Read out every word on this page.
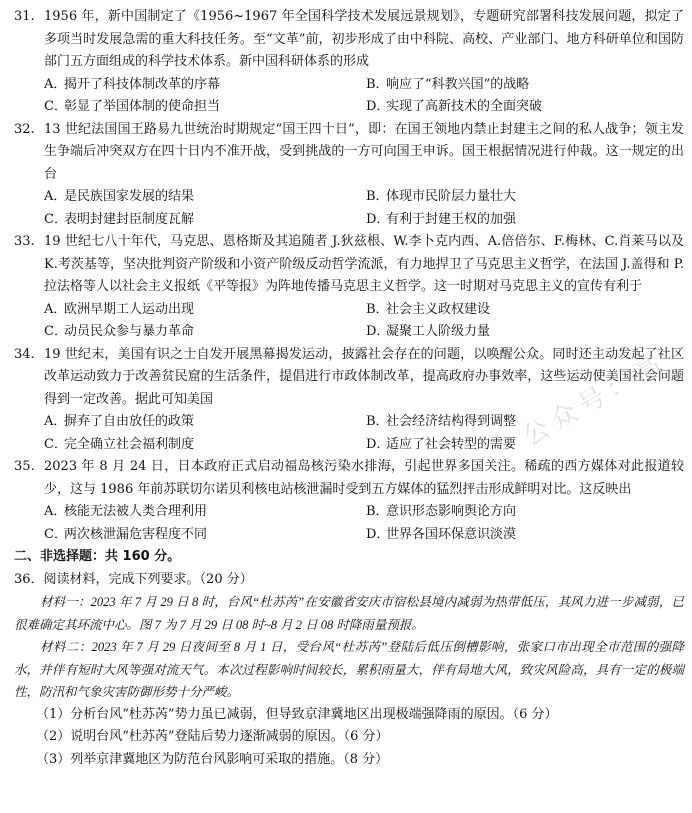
31. 1956 年，新中国制定了《1956~1967 年全国科学技术发展远景规划》，专题研究部署科技发展问题，拟定了多项当时发展急需的重大科技任务。至“文革”前，初步形成了由中科院、高校、产业部门、地方科研单位和国防部门五方面组成的科学技术体系。新中国科研体系的形成
A．揭开了科技体制改革的序幕	B．响应了“科教兴国”的战略
C．彰显了举国体制的使命担当	D．实现了高新技术的全面突破
32. 13 世纪法国国王路易九世统治时期规定“国王四十日”，即：在国王领地内禁止封建主之间的私人战争；领主发生争端后冲突双方在四十日内不准开战，受到挑战的一方可向国王申诉。国王根据情况进行仲裁。这一规定的出台
A．是民族国家发展的结果	B．体现市民阶层力量壮大
C．表明封建封臣制度瓦解	D．有利于封建王权的加强
33. 19 世纪七八十年代，马克思、恩格斯及其追随者 J.狄兹根、W.李卜克内西、A.倍倍尔、F.梅林、C.肖莱马以及 K.考茨基等，坚决批判资产阶级和小资产阶级反动哲学流派，有力地捍卫了马克思主义哲学，在法国 J.盖得和 P.拉法格等人以社会主义报纸《平等报》为阵地传播马克思主义哲学。这一时期对马克思主义的宣传有利于
A．欧洲早期工人运动出现	B．社会主义政权建设
C．动员民众参与暴力革命	D．凝聚工人阶级力量
34. 19 世纪末，美国有识之士自发开展黑幕揭发运动，披露社会存在的问题，以唤醒公众。同时还主动发起了社区改革运动致力于改善贫民窟的生活条件，提倡进行市政体制改革，提高政府办事效率，这些运动使美国社会问题得到一定改善。据此可知美国
A．摒弃了自由放任的政策	B．社会经济结构得到调整
C．完全确立社会福利制度	D．适应了社会转型的需要
35. 2023 年 8 月 24 日，日本政府正式启动福岛核污染水排海，引起世界多国关注。稀疏的西方媒体对此报道较少，这与 1986 年前苏联切尔诺贝利核电站核泄漏时受到五方媒体的猛烈抨击形成鲜明对比。这反映出
A．核能无法被人类合理利用	B．意识形态影响舆论方向
C．两次核泄漏危害程度不同	D．世界各国环保意识淡漠
二、非选择题：共 160 分。
36．阅读材料，完成下列要求。（20 分）
材料一：2023 年 7 月 29 日 8 时，台风“杜苏芮”在安徽省安庆市宿松县境内减弱为热带低压，其风力进一步减弱，已很难确定其环流中心。图 7 为 7 月 29 日 08 时~8 月 2 日 08 时降雨量预报。
材料二：2023 年 7 月 29 日夜间至 8 月 1 日，受台风“杜苏芮”登陆后低压倒槽影响，张家口市出现全市范围的强降水，并伴有短时大风等强对流天气。本次过程影响时间较长，累积雨量大，伴有局地大风，致灾风险高，具有一定的极端性，防汛和气象灾害防御形势十分严峻。
（1）分析台风“杜苏芮”势力虽已减弱，但导致京津冀地区出现极端强降雨的原因。（6 分）
（2）说明台风“杜苏芮”登陆后势力逐渐减弱的原因。（6 分）
（3）列举京津冀地区为防范台风影响可采取的措施。（8 分）
公众号：高
